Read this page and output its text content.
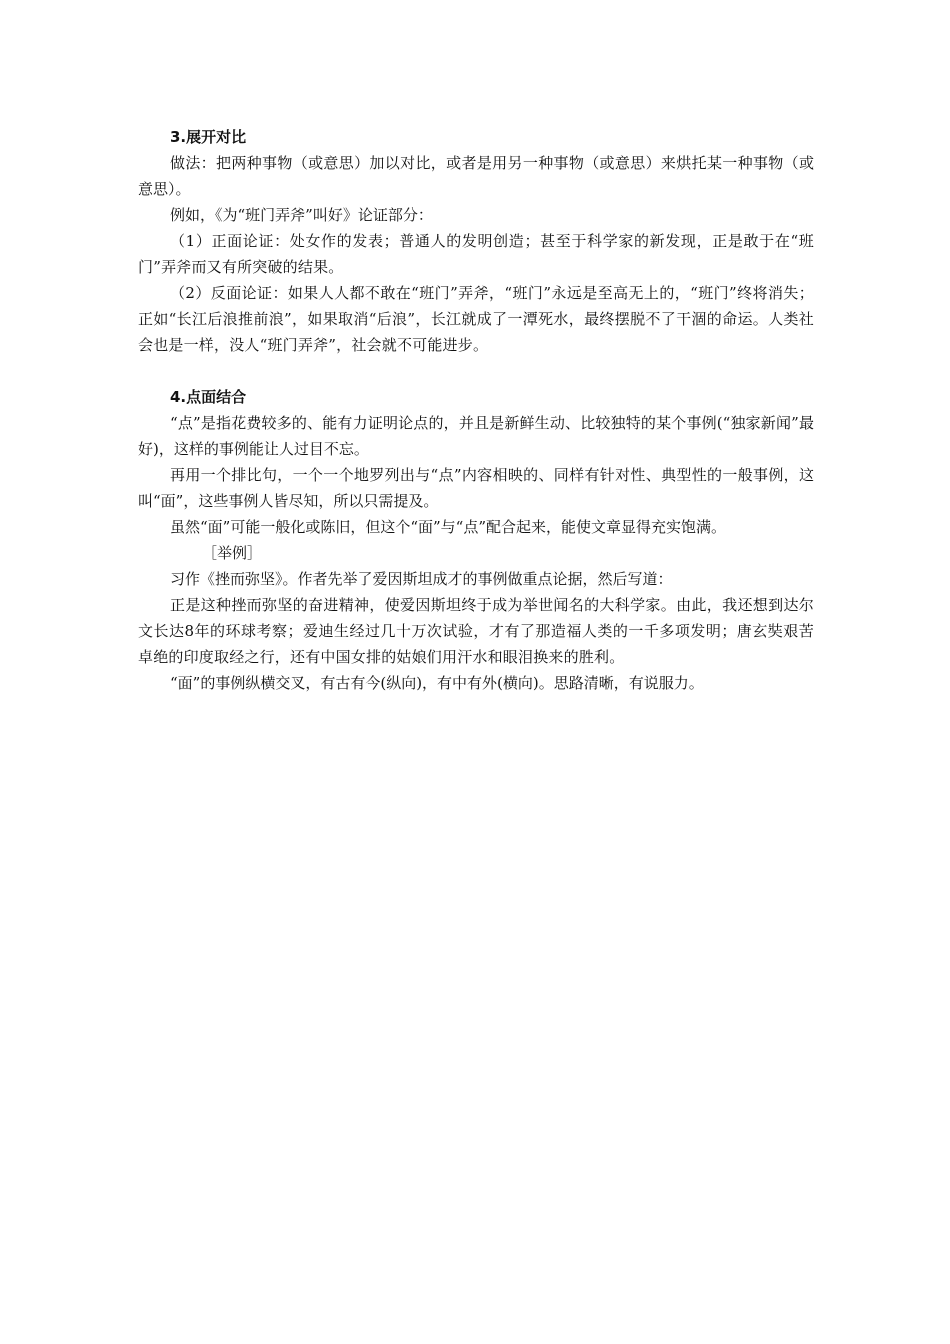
3.展开对比

做法：把两种事物（或意思）加以对比，或者是用另一种事物（或意思）来烘托某一种事物（或意思）。

例如，《为“班门弄斧”叫好》论证部分：

（1）正面论证：处女作的发表；普通人的发明创造；甚至于科学家的新发现，正是敢于在“班门”弄斧而又有所突破的结果。

（2）反面论证：如果人人都不敢在“班门”弄斧，“班门”永远是至高无上的，“班门”终将消失；正如“长江后浪推前浪”，如果取消“后浪”，长江就成了一潭死水，最终摆脱不了干涸的命运。人类社会也是一样，没人“班门弄斧”，社会就不可能进步。

4.点面结合

“点”是指花费较多的、能有力证明论点的，并且是新鲜生动、比较独特的某个事例(“独家新闻”最好)，这样的事例能让人过目不忘。

再用一个排比句，一个一个地罗列出与“点”内容相映的、同样有针对性、典型性的一般事例，这叫“面”，这些事例人皆尽知，所以只需提及。

虽然“面”可能一般化或陈旧，但这个“面”与“点”配合起来，能使文章显得充实饱满。

［举例］

习作《挫而弥坚》。作者先举了爱因斯坦成才的事例做重点论据，然后写道：

正是这种挫而弥坚的奋进精神，使爱因斯坦终于成为举世闻名的大科学家。由此，我还想到达尔文长达8年的环球考察；爱迪生经过几十万次试验，才有了那造福人类的一千多项发明；唐玄奘艰苦卓绝的印度取经之行，还有中国女排的姑娘们用汗水和眼泪换来的胜利。

“面”的事例纵横交叉，有古有今(纵向)，有中有外(横向)。思路清晰，有说服力。
